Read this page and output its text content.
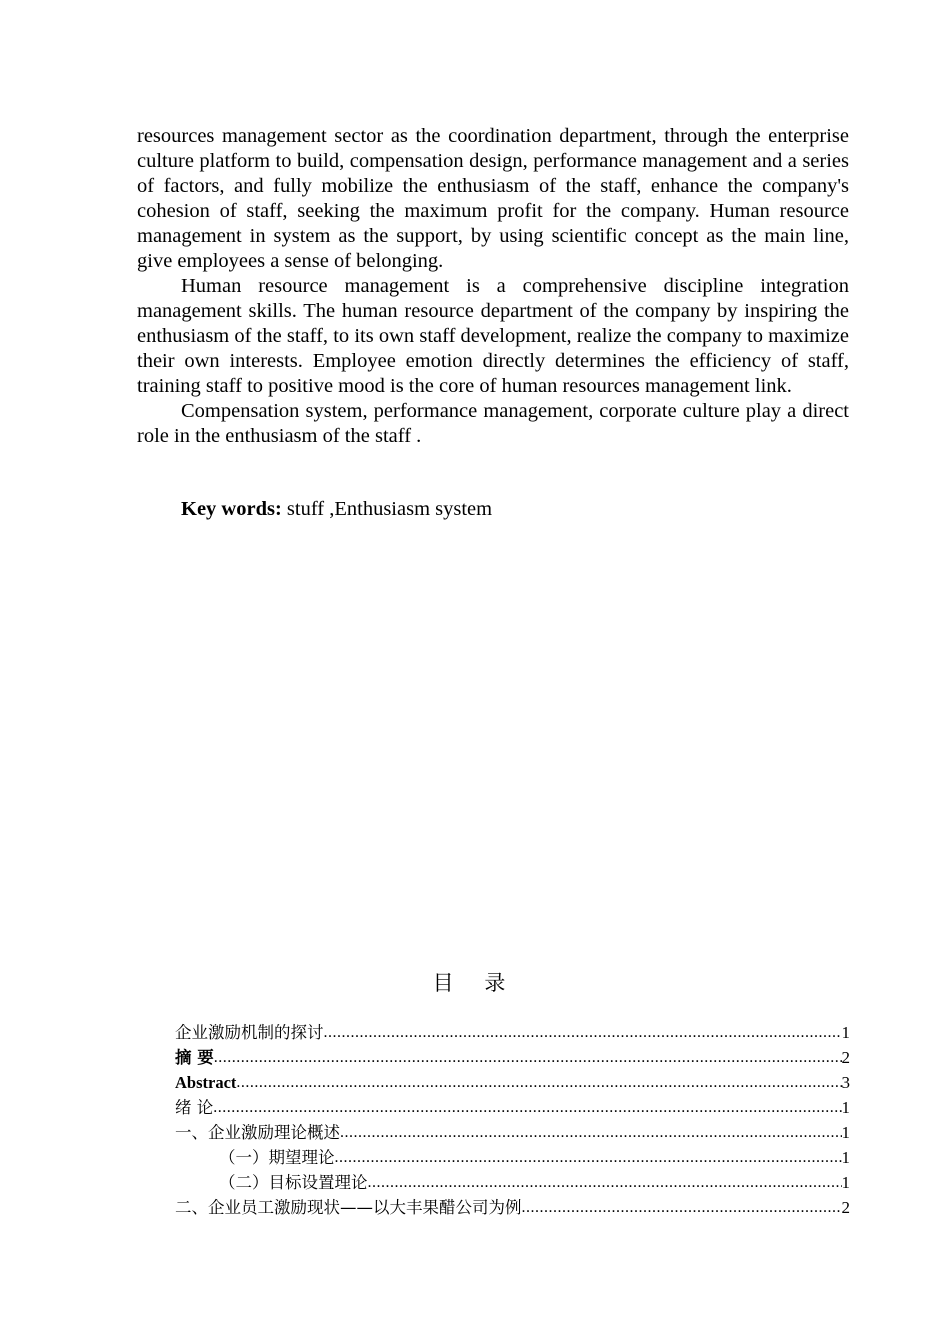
resources management sector as the coordination department, through the enterprise culture platform to build, compensation design, performance management and a series of factors, and fully mobilize the enthusiasm of the staff, enhance the company's cohesion of staff, seeking the maximum profit for the company. Human resource management in system as the support, by using scientific concept as the main line, give employees a sense of belonging.

Human resource management is a comprehensive discipline integration management skills. The human resource department of the company by inspiring the enthusiasm of the staff, to its own staff development, realize the company to maximize their own interests. Employee emotion directly determines the efficiency of staff, training staff to positive mood is the core of human resources management link.

Compensation system, performance management, corporate culture play a direct role in the enthusiasm of the staff .

Key words: stuff ,Enthusiasm system
目 录
企业激励机制的探讨 .....	1
摘 要 .....	2
Abstract .....	3
绪 论 .....	1
一、企业激励理论概述 .....	1
（一）期望理论 .....	1
（二）目标设置理论 .....	1
二、企业员工激励现状——以大丰果醋公司为例 .....	2
